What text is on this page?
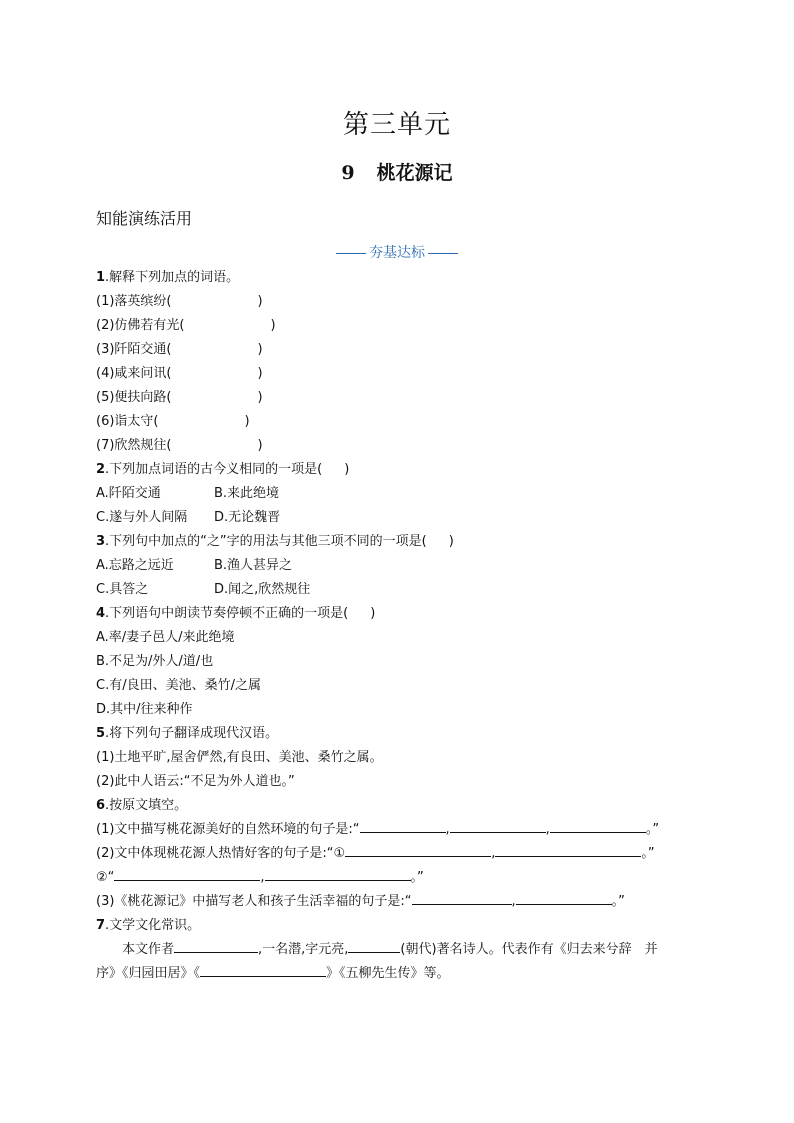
第三单元
9 桃花源记
知能演练活用
夯基达标
1.解释下列加点的词语。
(1)落英缤纷(	)
(2)仿佛若有光(	)
(3)阡陌交通(	)
(4)咸来问讯(	)
(5)便扶向路(	)
(6)诣太守(	)
(7)欣然规往(	)
2.下列加点词语的古今义相同的一项是( )
A.阡陌交通	B.来此绝境
C.遂与外人间隔 D.无论魏晋
3.下列句中加点的“之”字的用法与其他三项不同的一项是( )
A.忘路之远近	B.渔人甚异之
C.具答之	D.闻之,欣然规往
4.下列语句中朗读节奏停顿不正确的一项是( )
A.率/妻子邑人/来此绝境
B.不足为/外人/道/也
C.有/良田、美池、桑竹/之属
D.其中/往来种作
5.将下列句子翻译成现代汉语。
(1)土地平旷,屋舍俨然,有良田、美池、桑竹之属。
(2)此中人语云:“不足为外人道也。”
6.按原文填空。
(1)文中描写桃花源美好的自然环境的句子是:“	,	,	。”
(2)文中体现桃花源人热情好客的句子是:“①	,	。”
②“	,	。”
(3)《桃花源记》中描写老人和孩子生活幸福的句子是:“	,	。”
7.文学文化常识。
本文作者	,一名潜,字元亮,	(朝代)著名诗人。代表作有《归去来兮辞　并
序》《归园田居》《	》《五柳先生传》等。
